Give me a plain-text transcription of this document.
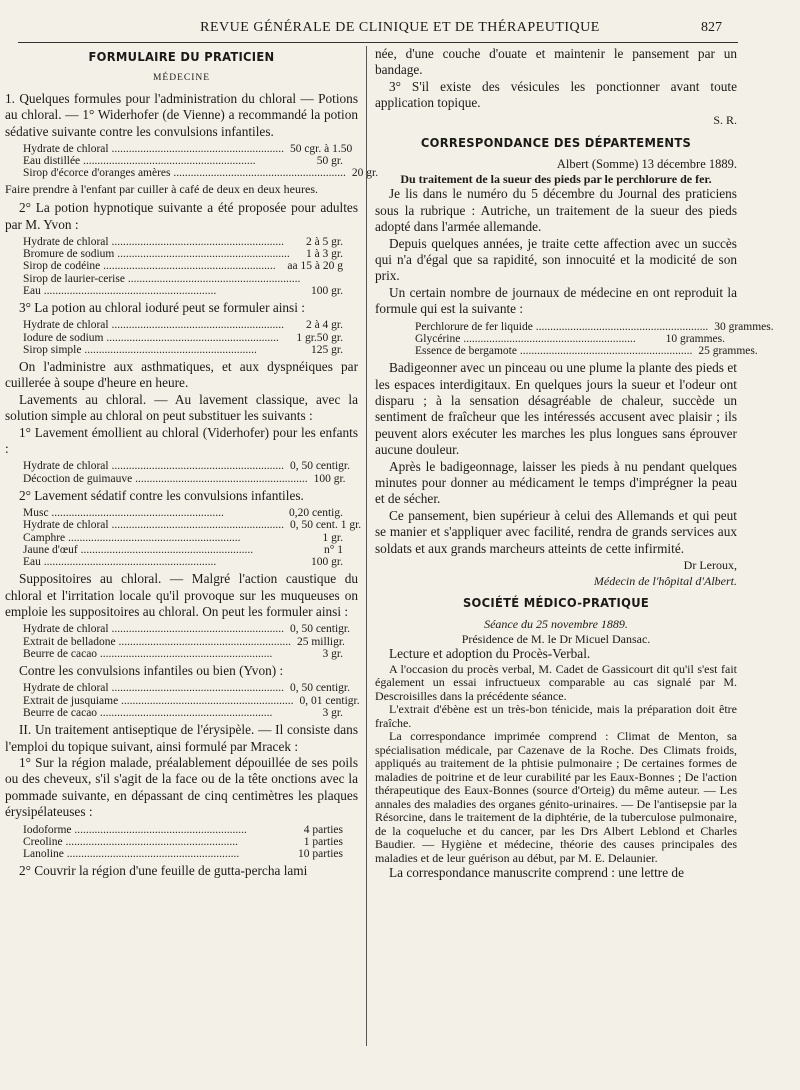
REVUE GÉNÉRALE DE CLINIQUE ET DE THÉRAPEUTIQUE	827
FORMULAIRE DU PRATICIEN
MÉDECINE

1. Quelques formules pour l'administration du chloral — Potions au chloral. — 1° Widerhofer (de Vienne) a recommandé la potion sédative suivante contre les convulsions infantiles.

Hydrate de chloral ............................................................ 50 cgr. à 1.50
Eau distillée ............................................................	50 gr.
Sirop d'écorce d'oranges amères ............................................................ 20 gr.

Faire prendre à l'enfant par cuiller à café de deux en deux heures.

2° La potion hypnotique suivante a été proposée pour adultes par M. Yvon :

Hydrate de chloral ............................................................	2 à 5 gr.
Bromure de sodium ............................................................	1 à 3 gr.
Sirop de codéine ............................................................	aa 15 à 20 g
Sirop de laurier-cerise ............................................................
Eau ............................................................	100 gr.

3° La potion au chloral ioduré peut se formuler ainsi :

Hydrate de chloral ............................................................	2 à 4 gr.
Iodure de sodium ............................................................	1 gr.50 gr.
Sirop simple ............................................................	125 gr.

On l'administre aux asthmatiques, et aux dyspnéiques par cuillerée à soupe d'heure en heure.

Lavements au chloral. — Au lavement classique, avec la solution simple au chloral on peut substituer les suivants :

1° Lavement émollient au chloral (Viderhofer) pour les enfants :

Hydrate de chloral ............................................................ 0, 50 centigr.
Décoction de guimauve ............................................................ 100 gr.

2° Lavement sédatif contre les convulsions infantiles.

Musc ............................................................	0,20 centig.
Hydrate de chloral ............................................................ 0, 50 cent. 1 gr.
Camphre ............................................................	1 gr.
Jaune d'œuf ............................................................	n° 1
Eau ............................................................	100 gr.

Suppositoires au chloral. — Malgré l'action caustique du chloral et l'irritation locale qu'il provoque sur les muqueuses on emploie les suppositoires au chloral. On peut les formuler ainsi :

Hydrate de chloral ............................................................ 0, 50 centigr.
Extrait de belladone ............................................................ 25 milligr.
Beurre de cacao ............................................................	3 gr.

Contre les convulsions infantiles ou bien (Yvon) :

Hydrate de chloral ............................................................ 0, 50 centigr.
Extrait de jusquiame ............................................................ 0, 01 centigr.
Beurre de cacao ............................................................	3 gr.

II. Un traitement antiseptique de l'érysipèle. — Il consiste dans l'emploi du topique suivant, ainsi formulé par Mracek :

1° Sur la région malade, préalablement dépouillée de ses poils ou des cheveux, s'il s'agit de la face ou de la tête onctions avec la pommade suivante, en dépassant de cinq centimètres les plaques érysipélateuses :

Iodoforme ............................................................	4 parties
Creoline ............................................................	1 parties
Lanoline ............................................................	10 parties

2° Couvrir la région d'une feuille de gutta-percha lami

née, d'une couche d'ouate et maintenir le pansement par un bandage.

3° S'il existe des vésicules les ponctionner avant toute application topique.

S. R.
CORRESPONDANCE DES DÉPARTEMENTS
Albert (Somme) 13 décembre 1889.

Du traitement de la sueur des pieds par le perchlorure de fer.

Je lis dans le numéro du 5 décembre du Journal des praticiens sous la rubrique : Autriche, un traitement de la sueur des pieds adopté dans l'armée allemande.

Depuis quelques années, je traite cette affection avec un succès qui n'a d'égal que sa rapidité, son innocuité et la modicité de son prix.

Un certain nombre de journaux de médecine en ont reproduit la formule qui est la suivante :

Perchlorure de fer liquide ............................................................ 30 grammes.
Glycérine ............................................................	10 grammes.
Essence de bergamote ............................................................ 25 grammes.

Badigeonner avec un pinceau ou une plume la plante des pieds et les espaces interdigitaux. En quelques jours la sueur et l'odeur ont disparu ; à la sensation désagréable de chaleur, succède un sentiment de fraîcheur que les intéressés accusent avec plaisir ; ils peuvent alors exécuter les marches les plus longues sans éprouver aucune douleur.

Après le badigeonnage, laisser les pieds à nu pendant quelques minutes pour donner au médicament le temps d'imprégner la peau et de sécher.

Ce pansement, bien supérieur à celui des Allemands et qui peut se manier et s'appliquer avec facilité, rendra de grands services aux soldats et aux grands marcheurs atteints de cette infirmité.

Dr Leroux,
Médecin de l'hôpital d'Albert.
SOCIÉTÉ MÉDICO-PRATIQUE
Séance du 25 novembre 1889.
Présidence de M. le Dr Micuel Dansac.

Lecture et adoption du Procès-Verbal.

A l'occasion du procès verbal, M. Cadet de Gassicourt dit qu'il s'est fait également un essai infructueux comparable au cas signalé par M. Descroisilles dans la précédente séance.

L'extrait d'ébène est un très-bon ténicide, mais la préparation doit être fraîche.

La correspondance imprimée comprend : Climat de Menton, sa spécialisation médicale, par Cazenave de la Roche. Des Climats froids, appliqués au traitement de la phtisie pulmonaire ; De certaines formes de maladies de poitrine et de leur curabilité par les Eaux-Bonnes ; De l'action thérapeutique des Eaux-Bonnes (source d'Orteig) du même auteur. — Les annales des maladies des organes génito-urinaires. — De l'antisepsie par la Résorcine, dans le traitement de la diphtérie, de la tuberculose pulmonaire, de la coqueluche et du cancer, par les Drs Albert Leblond et Charles Baudier. — Hygiène et médecine, théorie des causes principales des maladies et de leur guérison au début, par M. E. Delaunier.

La correspondance manuscrite comprend : une lettre de
